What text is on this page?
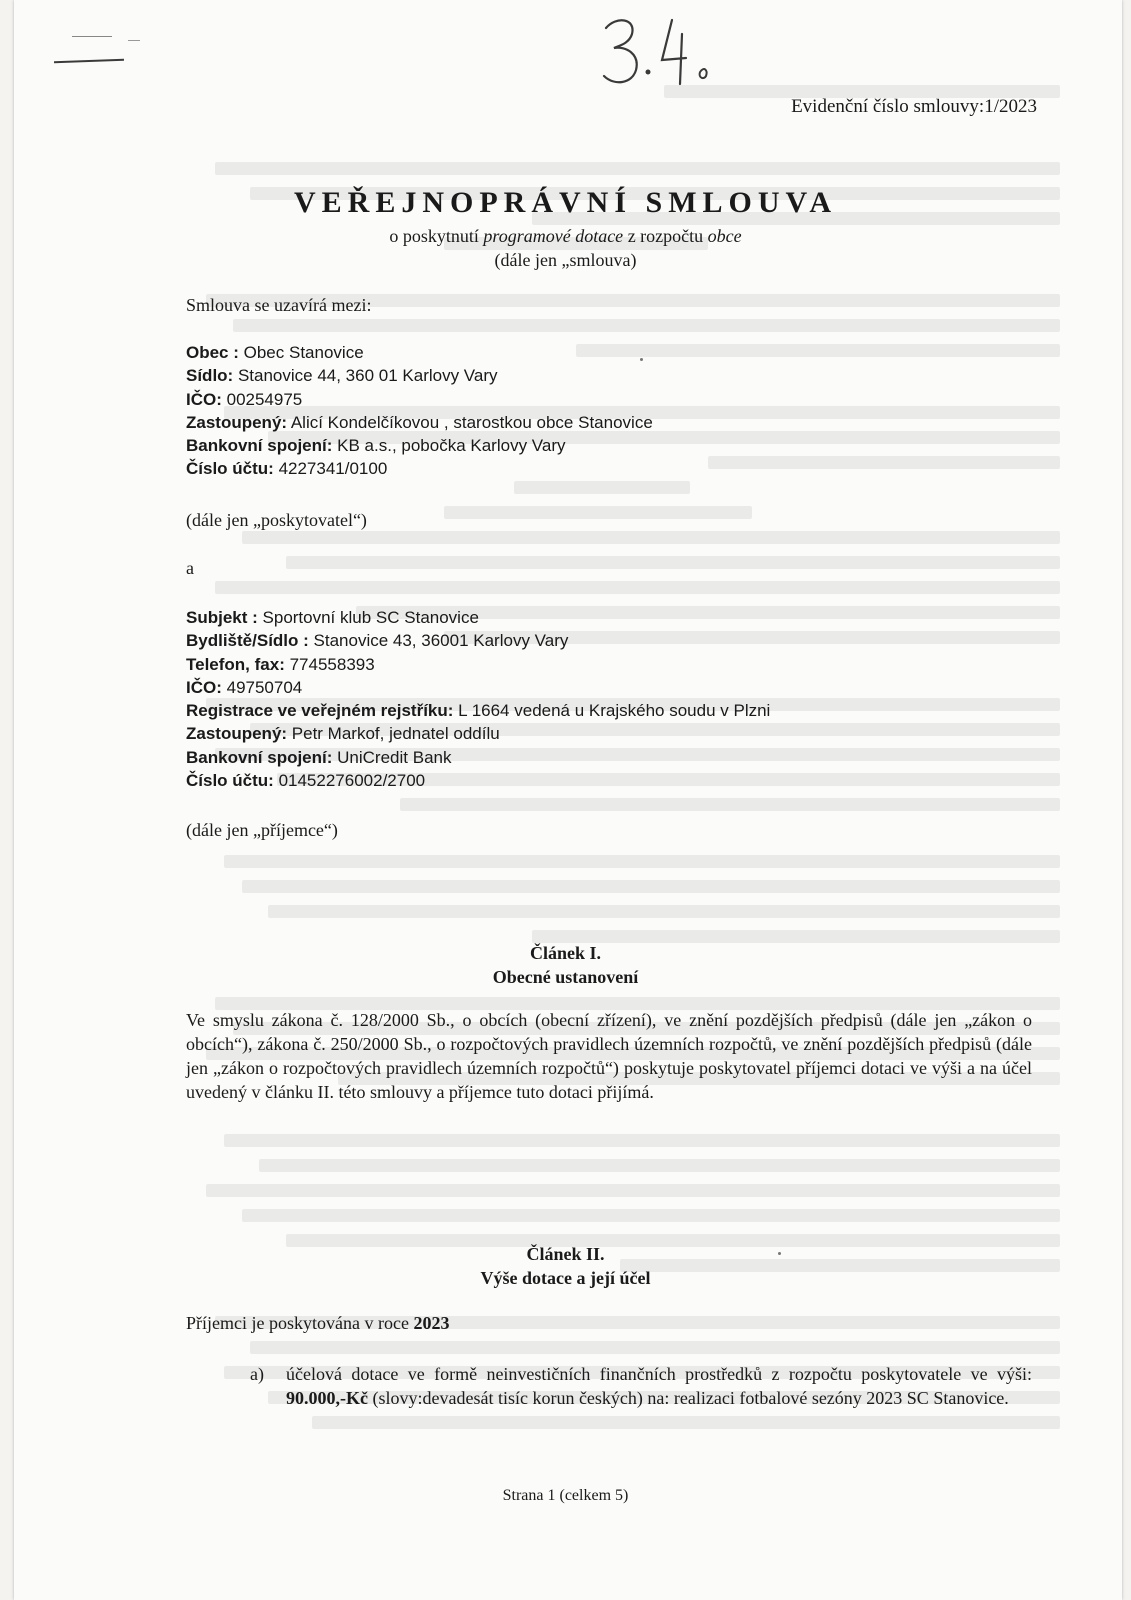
Evidenční číslo smlouvy:1/2023
VEŘEJNOPRÁVNÍ SMLOUVA
o poskytnutí programové dotace z rozpočtu obce
(dále jen „smlouva)
Smlouva se uzavírá mezi:
Obec : Obec Stanovice
Sídlo: Stanovice 44, 360 01 Karlovy Vary
IČO: 00254975
Zastoupený: Alicí Kondelčíkovou , starostkou obce Stanovice
Bankovní spojení: KB a.s., pobočka Karlovy Vary
Číslo účtu: 4227341/0100
(dále jen „poskytovatel“)
a
Subjekt : Sportovní klub SC Stanovice
Bydliště/Sídlo : Stanovice 43, 36001 Karlovy Vary
Telefon, fax: 774558393
IČO: 49750704
Registrace ve veřejném rejstříku: L 1664 vedená u Krajského soudu v Plzni
Zastoupený: Petr Markof, jednatel oddílu
Bankovní spojení: UniCredit Bank
Číslo účtu: 01452276002/2700
(dále jen „příjemce“)
Článek I.
Obecné ustanovení
Ve smyslu zákona č. 128/2000 Sb., o obcích (obecní zřízení), ve znění pozdějších předpisů (dále jen „zákon o obcích“), zákona č. 250/2000 Sb., o rozpočtových pravidlech územních rozpočtů, ve znění pozdějších předpisů (dále jen „zákon o rozpočtových pravidlech územních rozpočtů“) poskytuje poskytovatel příjemci dotaci ve výši a na účel uvedený v článku II. této smlouvy a příjemce tuto dotaci přijímá.
Článek II.
Výše dotace a její účel
Příjemci je poskytována v roce 2023
a) účelová dotace ve formě neinvestičních finančních prostředků z rozpočtu poskytovatele ve výši: 90.000,-Kč (slovy:devadesát tisíc korun českých) na: realizaci fotbalové sezóny 2023 SC Stanovice.
Strana 1 (celkem 5)
